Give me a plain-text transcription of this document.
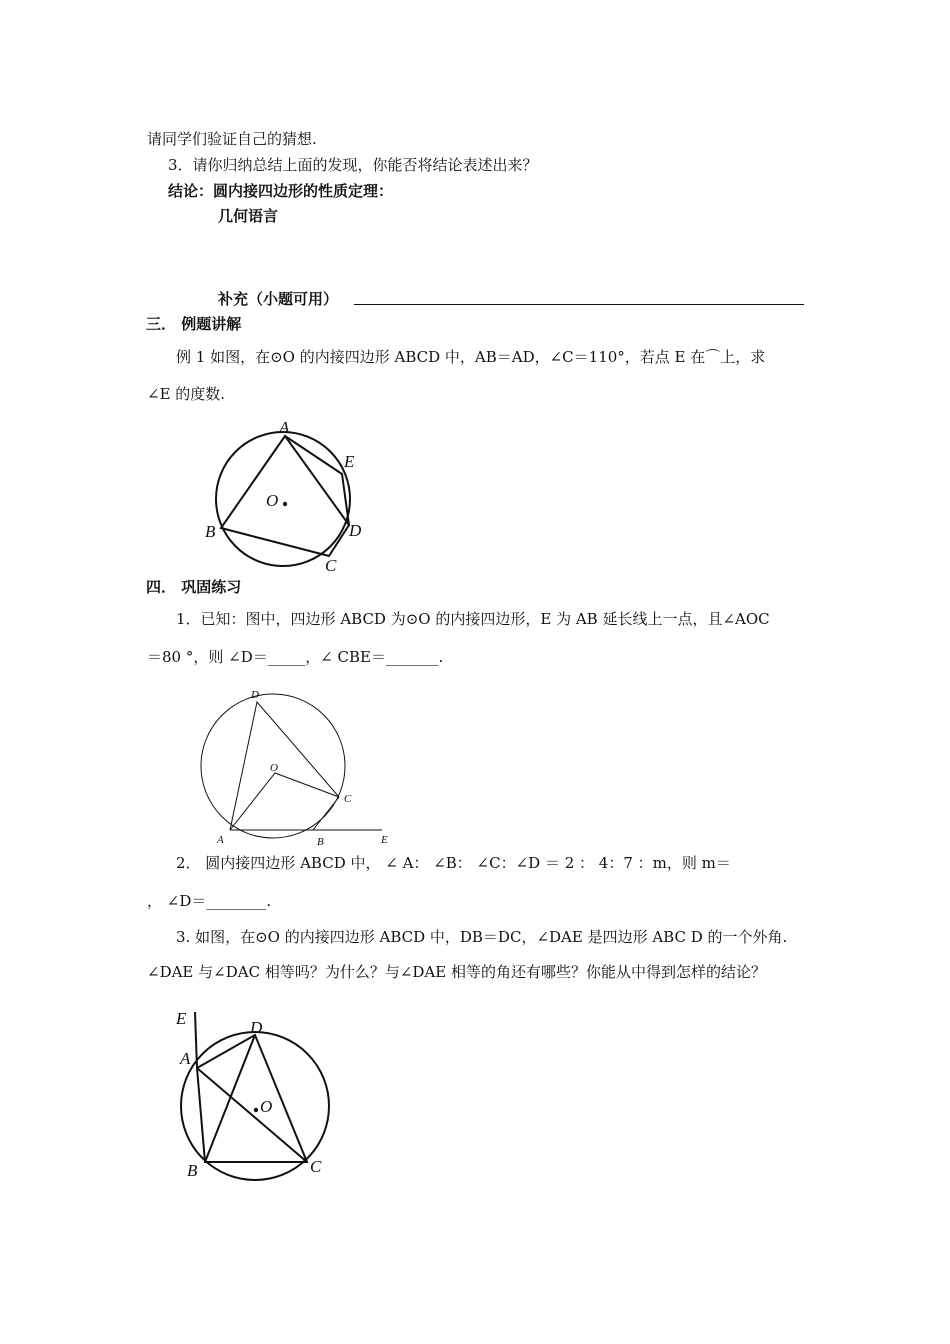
请同学们验证自己的猜想.
3．请你归纳总结上面的发现，你能否将结论表述出来？
结论：圆内接四边形的性质定理：
几何语言
补充（小题可用）
三． 例题讲解
例 1 如图，在⊙O 的内接四边形 ABCD 中，AB＝AD，∠C＝110°，若点 E 在⌒上，求
∠E 的度数.
A
E
O
B	D
C
四． 巩固练习
1．已知：图中，四边形 ABCD 为⊙O 的内接四边形，E 为 AB 延长线上一点，且∠AOC
＝80 °，则 ∠D＝_____，∠ CBE＝_______.
D
O
C
A	B	E
2． 圆内接四边形 ABCD 中， ∠ A： ∠B： ∠C：∠D ＝ 2 ： 4：7 ：m，则 m＝
， ∠D＝________.
3. 如图，在⊙O 的内接四边形 ABCD 中，DB＝DC，∠DAE 是四边形 ABC D 的一个外角.
∠DAE 与∠DAC 相等吗？为什么？与∠DAE 相等的角还有哪些？你能从中得到怎样的结论？
E	D
A
O
B	C
